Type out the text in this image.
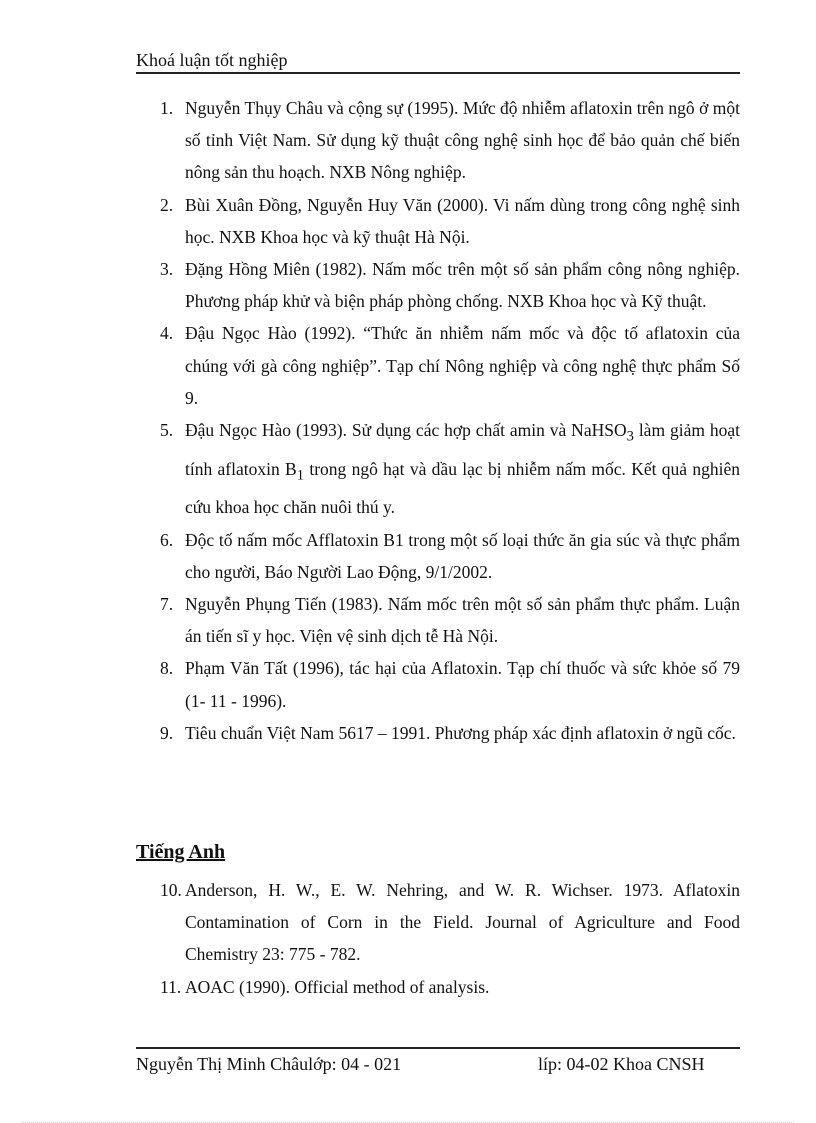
Khoá luận tốt nghiệp
1. Nguyễn Thụy Châu và cộng sự (1995). Mức độ nhiễm aflatoxin trên ngô ở một số tỉnh Việt Nam. Sử dụng kỹ thuật công nghệ sinh học để bảo quản chế biến nông sản thu hoạch. NXB Nông nghiệp.
2. Bùi Xuân Đồng, Nguyễn Huy Văn (2000). Vi nấm dùng trong công nghệ sinh học. NXB Khoa học và kỹ thuật Hà Nội.
3. Đặng Hồng Miên (1982). Nấm mốc trên một số sản phẩm công nông nghiệp. Phương pháp khử và biện pháp phòng chống. NXB Khoa học và Kỹ thuật.
4. Đậu Ngọc Hào (1992). “Thức ăn nhiễm nấm mốc và độc tố aflatoxin của chúng với gà công nghiệp”. Tạp chí Nông nghiệp và công nghệ thực phẩm Số 9.
5. Đậu Ngọc Hào (1993). Sử dụng các hợp chất amin và NaHSO$_3$ làm giảm hoạt tính aflatoxin $B_1$ trong ngô hạt và dầu lạc bị nhiễm nấm mốc. Kết quả nghiên cứu khoa học chăn nuôi thú y.
6. Độc tố nấm mốc Afflatoxin B1 trong một số loại thức ăn gia súc và thực phẩm cho người, Báo Người Lao Động, 9/1/2002.
7. Nguyễn Phụng Tiến (1983). Nấm mốc trên một số sản phẩm thực phẩm. Luận án tiến sĩ y học. Viện vệ sinh dịch tễ Hà Nội.
8. Phạm Văn Tất (1996), tác hại của Aflatoxin. Tạp chí thuốc và sức khỏe số 79 (1- 11 - 1996).
9. Tiêu chuẩn Việt Nam 5617 – 1991. Phương pháp xác định aflatoxin ở ngũ cốc.
Tiếng Anh
10. Anderson, H. W., E. W. Nehring, and W. R. Wichser. 1973. Aflatoxin Contamination of Corn in the Field. Journal of Agriculture and Food Chemistry 23: 775 - 782.
11. AOAC (1990). Official method of analysis.
Nguyễn Thị Minh Châulớp: 04 - 021	líp: 04-02 Khoa CNSH
